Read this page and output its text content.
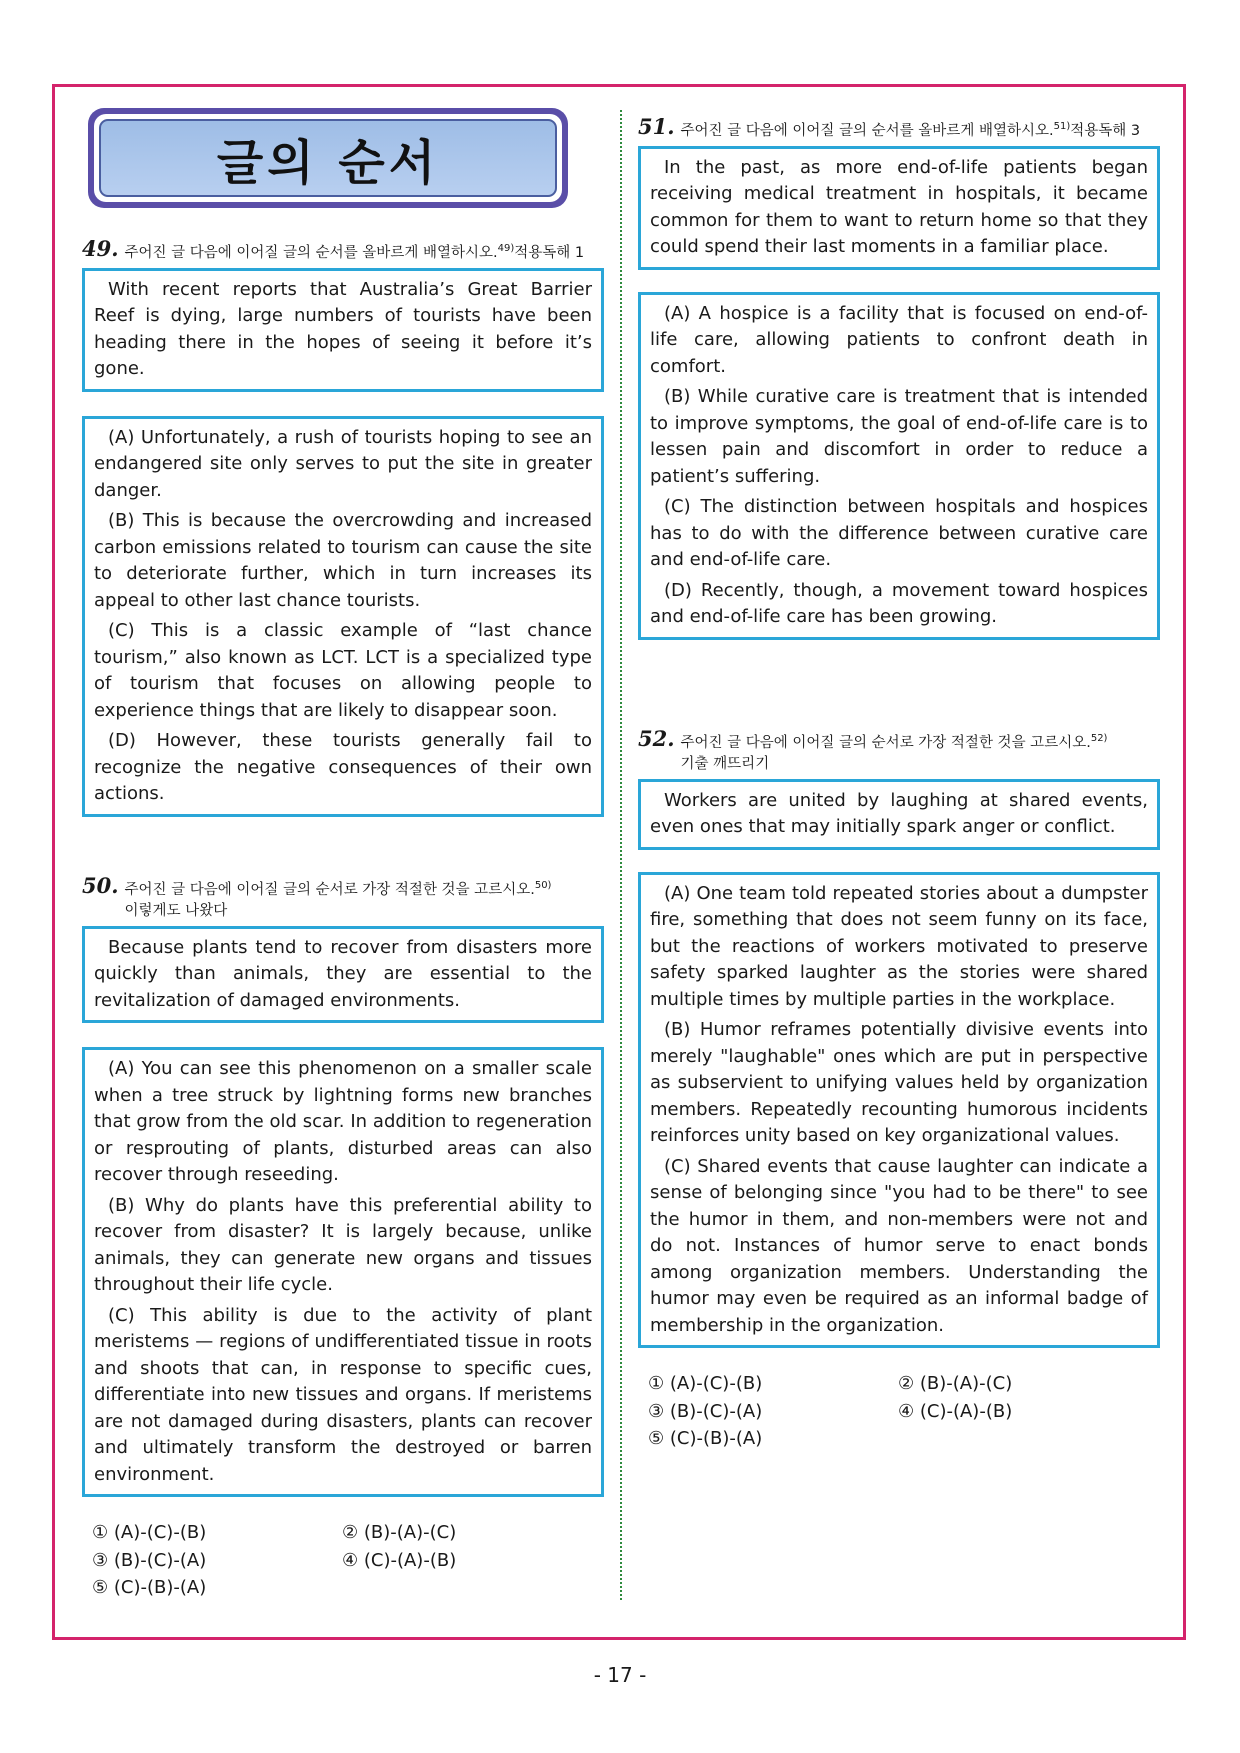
글의 순서
49. 주어진 글 다음에 이어질 글의 순서를 올바르게 배열하시오.$^{49)}$적용독해 1

With recent reports that Australia’s Great Barrier Reef is dying, large numbers of tourists have been heading there in the hopes of seeing it before it’s gone.

(A) Unfortunately, a rush of tourists hoping to see an endangered site only serves to put the site in greater danger.

(B) This is because the overcrowding and increased carbon emissions related to tourism can cause the site to deteriorate further, which in turn increases its appeal to other last chance tourists.

(C) This is a classic example of “last chance tourism,” also known as LCT. LCT is a specialized type of tourism that focuses on allowing people to experience things that are likely to disappear soon.

(D) However, these tourists generally fail to recognize the negative consequences of their own actions.

50. 주어진 글 다음에 이어질 글의 순서로 가장 적절한 것을 고르시오.$^{50)}$
이렇게도 나왔다

Because plants tend to recover from disasters more quickly than animals, they are essential to the revitalization of damaged environments.

(A) You can see this phenomenon on a smaller scale when a tree struck by lightning forms new branches that grow from the old scar. In addition to regeneration or resprouting of plants, disturbed areas can also recover through reseeding.

(B) Why do plants have this preferential ability to recover from disaster? It is largely because, unlike animals, they can generate new organs and tissues throughout their life cycle.

(C) This ability is due to the activity of plant meristems — regions of undifferentiated tissue in roots and shoots that can, in response to specific cues, differentiate into new tissues and organs. If meristems are not damaged during disasters, plants can recover and ultimately transform the destroyed or barren environment.

① (A)-(C)-(B)	② (B)-(A)-(C)
③ (B)-(C)-(A)	④ (C)-(A)-(B)
⑤ (C)-(B)-(A)
51. 주어진 글 다음에 이어질 글의 순서를 올바르게 배열하시오.$^{51)}$적용독해 3

In the past, as more end-of-life patients began receiving medical treatment in hospitals, it became common for them to want to return home so that they could spend their last moments in a familiar place.

(A) A hospice is a facility that is focused on end-of-life care, allowing patients to confront death in comfort.

(B) While curative care is treatment that is intended to improve symptoms, the goal of end-of-life care is to lessen pain and discomfort in order to reduce a patient’s suffering.

(C) The distinction between hospitals and hospices has to do with the difference between curative care and end-of-life care.

(D) Recently, though, a movement toward hospices and end-of-life care has been growing.

52. 주어진 글 다음에 이어질 글의 순서로 가장 적절한 것을 고르시오.$^{52)}$
기출 깨뜨리기

Workers are united by laughing at shared events, even ones that may initially spark anger or conflict.

(A) One team told repeated stories about a dumpster fire, something that does not seem funny on its face, but the reactions of workers motivated to preserve safety sparked laughter as the stories were shared multiple times by multiple parties in the workplace.

(B) Humor reframes potentially divisive events into merely "laughable" ones which are put in perspective as subservient to unifying values held by organization members. Repeatedly recounting humorous incidents reinforces unity based on key organizational values.

(C) Shared events that cause laughter can indicate a sense of belonging since "you had to be there" to see the humor in them, and non-members were not and do not. Instances of humor serve to enact bonds among organization members. Understanding the humor may even be required as an informal badge of membership in the organization.

① (A)-(C)-(B)	② (B)-(A)-(C)
③ (B)-(C)-(A)	④ (C)-(A)-(B)
⑤ (C)-(B)-(A)
- 17 -
